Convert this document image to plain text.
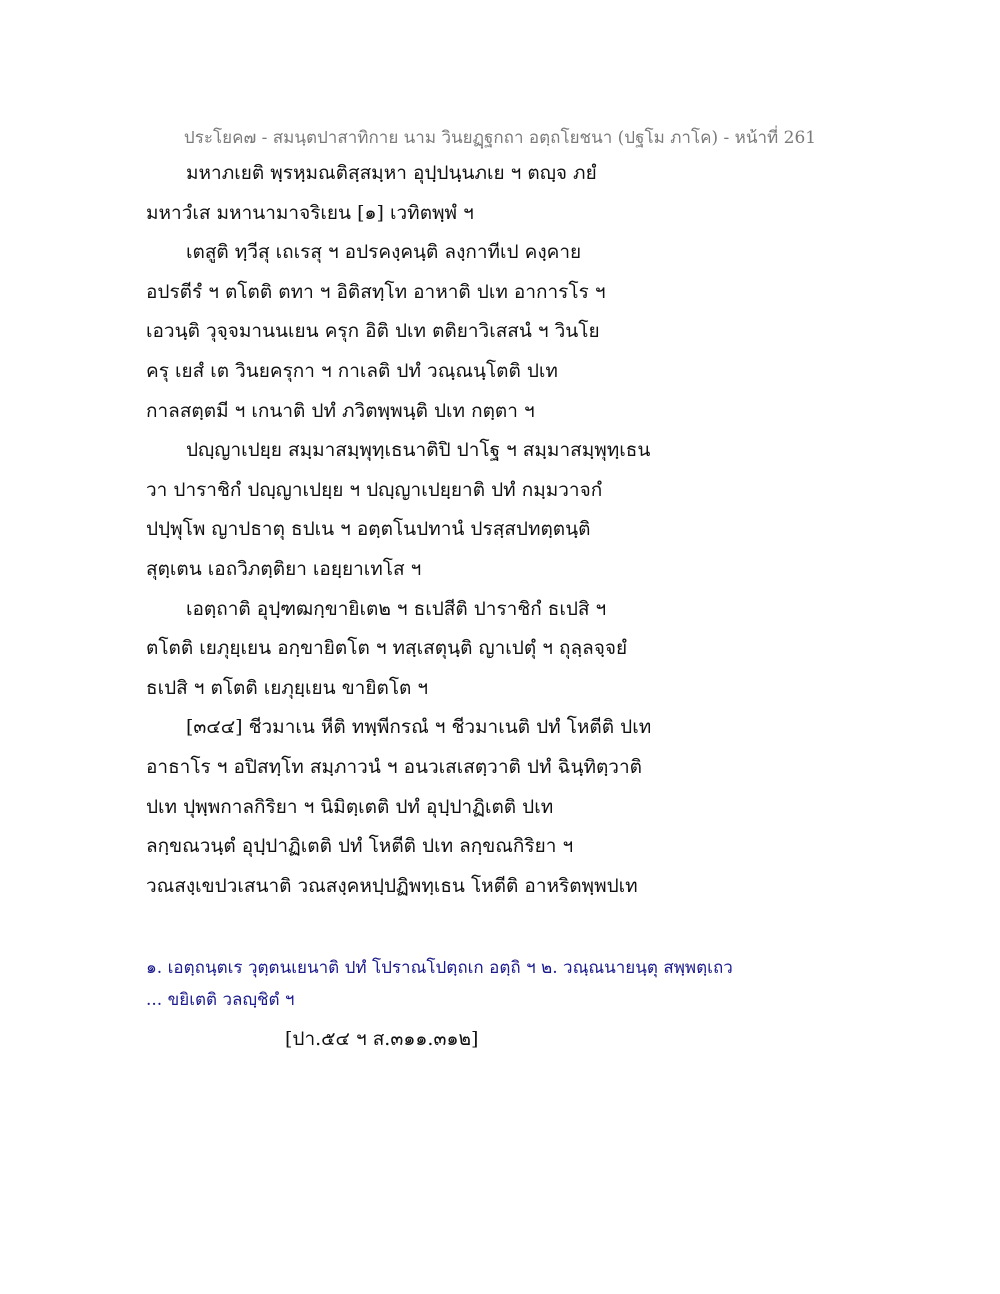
ประโยค๗ - สมนฺตปาสาทิกาย นาม วินยฏฺฐกถา อตฺถโยชนา (ปฐโม ภาโค) - หน้าที่ 261
มหาภเยติ พฺรหฺมณติสฺสมฺหา อุปฺปนฺนภเย ฯ ตญฺจ ภยํ
มหาวํเส มหานามาจริเยน [๑] เวทิตพฺพํ ฯ
เตสูติ ทฺวีสุ เถเรสุ ฯ อปรคงฺคนฺติ ลงฺกาทีเป คงฺคาย
อปรตีรํ ฯ ตโตติ ตทา ฯ อิติสทฺโท อาหาติ ปเท อาการโร ฯ
เอวนฺติ วุจฺจมานนเยน ครุก อิติ ปเท ตติยาวิเสสนํ ฯ วินโย
ครุ เยสํ เต วินยครุกา ฯ กาเลติ ปทํ วณฺณนฺโตติ ปเท
กาลสตฺตมี ฯ เกนาติ ปทํ ภวิตพฺพนฺติ ปเท กตฺตา ฯ
ปญฺญาเปยฺย สมฺมาสมฺพุทฺเธนาติปิ ปาโฐ ฯ สมฺมาสมฺพุทฺเธน
วา ปาราชิกํ ปญฺญาเปยฺย ฯ ปญฺญาเปยฺยาติ ปทํ กมฺมวาจกํ
ปปฺพุโพ ญาปธาตุ ธปเน ฯ อตฺตโนปทานํ ปรสฺสปทตฺตนฺติ
สุตฺเตน เอถวิภตฺติยา เอยฺยาเทโส ฯ
เอตฺถาติ อุปฺฑฒกฺขายิเต๒ ฯ ธเปสีติ ปาราชิกํ ธเปสิ ฯ
ตโตติ เยภุยฺเยน อกฺขายิตโต ฯ ทสฺเสตุนฺติ ญาเปตุํ ฯ ถุลฺลจฺจยํ
ธเปสิ ฯ ตโตติ เยภุยฺเยน ขายิตโต ฯ
[๓๔๔] ชีวมาเน หีติ ทพฺพีกรณํ ฯ ชีวมาเนติ ปทํ โหตีติ ปเท
อาธาโร ฯ อปิสทฺโท สมฺภาวนํ ฯ อนวเสเสตฺวาติ ปทํ ฉินฺทิตฺวาติ
ปเท ปุพฺพกาลกิริยา ฯ นิมิตฺเตติ ปทํ อุปฺปาฏิเตติ ปเท
ลกฺขณวนฺตํ อุปฺปาฏิเตติ ปทํ โหตีติ ปเท ลกฺขณกิริยา ฯ
วณสงฺเขปวเสนาติ วณสงฺคหปฺปฏิพทฺเธน โหตีติ อาหริตพฺพปเท
๑. เอตฺถนฺตเร วุตฺตนเยนาติ ปทํ โปราณโปตฺถเก อตฺถิ ฯ ๒. วณฺณนายนฺตุ สพฺพตฺเถว
... ขยิเตติ วลญฺชิตํ ฯ
[ปา.๕๔ ฯ ส.๓๑๑.๓๑๒]
